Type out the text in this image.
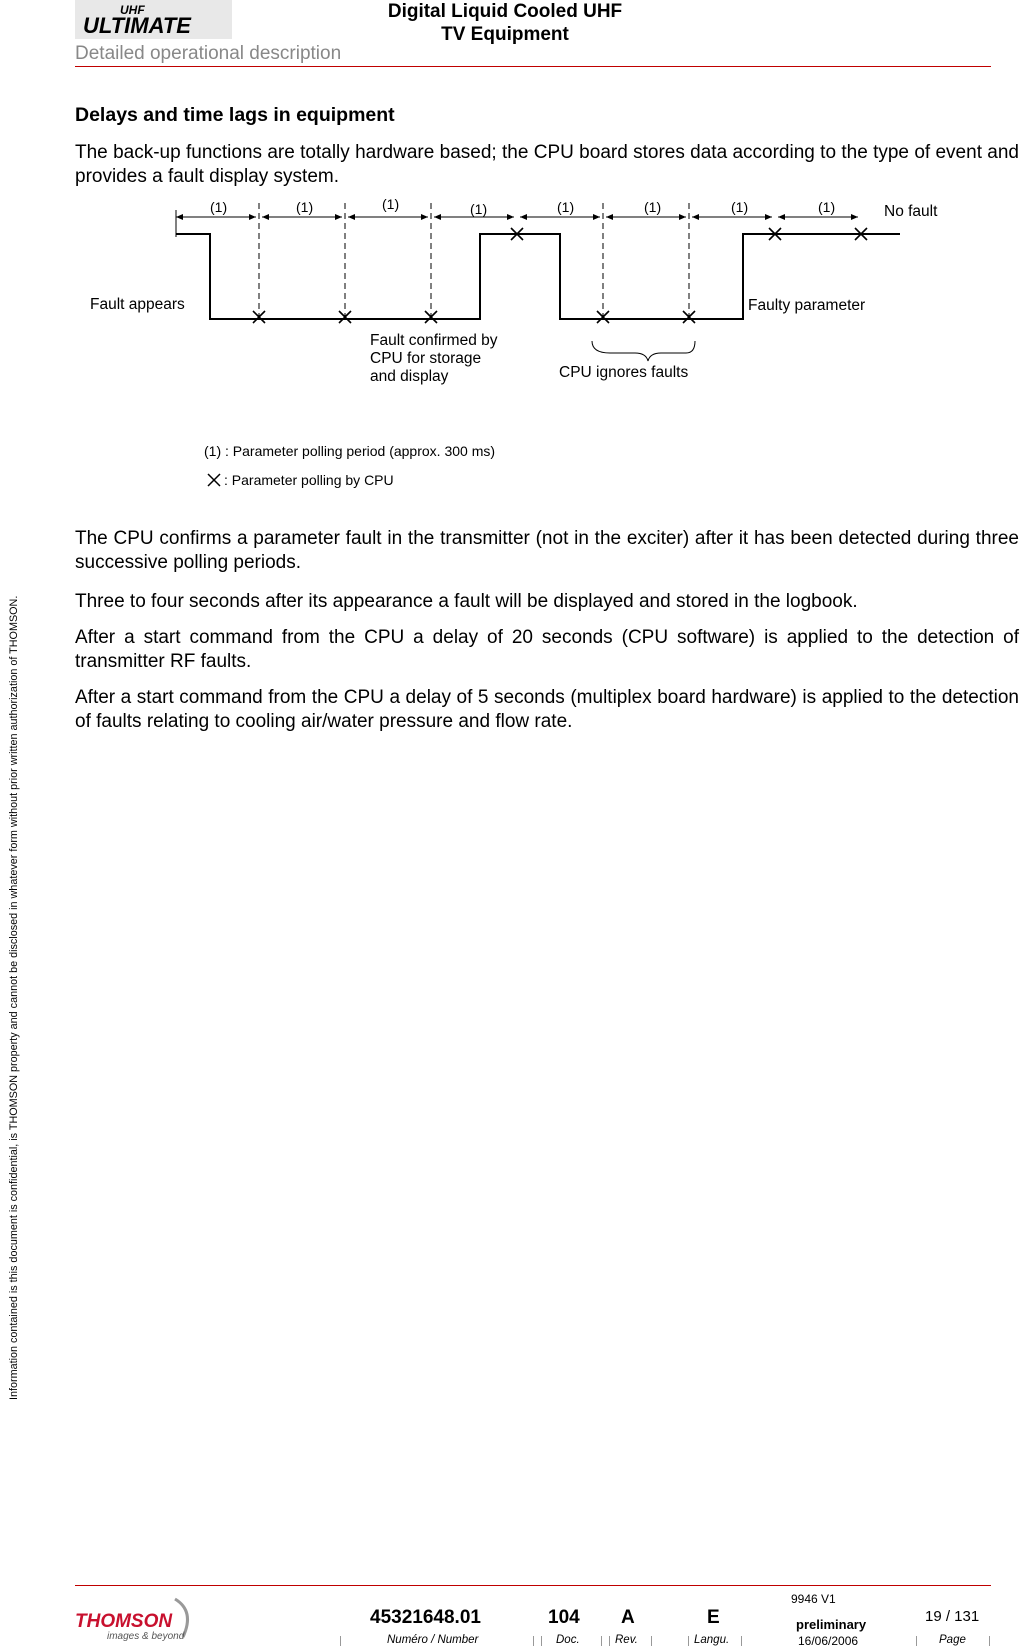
UHF
ULTIMATE
Digital Liquid Cooled UHF
TV Equipment
Detailed operational description
Information contained is this document is confidential, is THOMSON property and cannot be disclosed in whatever form without prior written authorization of THOMSON.
Delays and time lags in equipment
The back-up functions are totally hardware based; the CPU board stores data according to the type of event and provides a fault display system.
(1)	(1)	(1)	(1)	(1)	(1)	(1)	(1)	No fault
Fault appears	Faulty parameter
Fault confirmed by
CPU for storage
and display	CPU ignores faults
(1) : Parameter polling period (approx. 300 ms)
: Parameter polling by CPU
The CPU confirms a parameter fault in the transmitter (not in the exciter) after it has been detected during three successive polling periods.
Three to four seconds after its appearance a fault will be displayed and stored in the logbook.
After a start command from the CPU a delay of 20 seconds (CPU software) is applied to the detection of transmitter RF faults.
After a start command from the CPU a delay of 5 seconds (multiplex board hardware) is applied to the detection of faults relating to cooling air/water pressure and flow rate.
THOMSON
images & beyond
9946 V1
45321648.01	104 A	E	preliminary	19 / 131
Numéro / Number	Doc.	Rev.	Langu.	16/06/2006	Page
